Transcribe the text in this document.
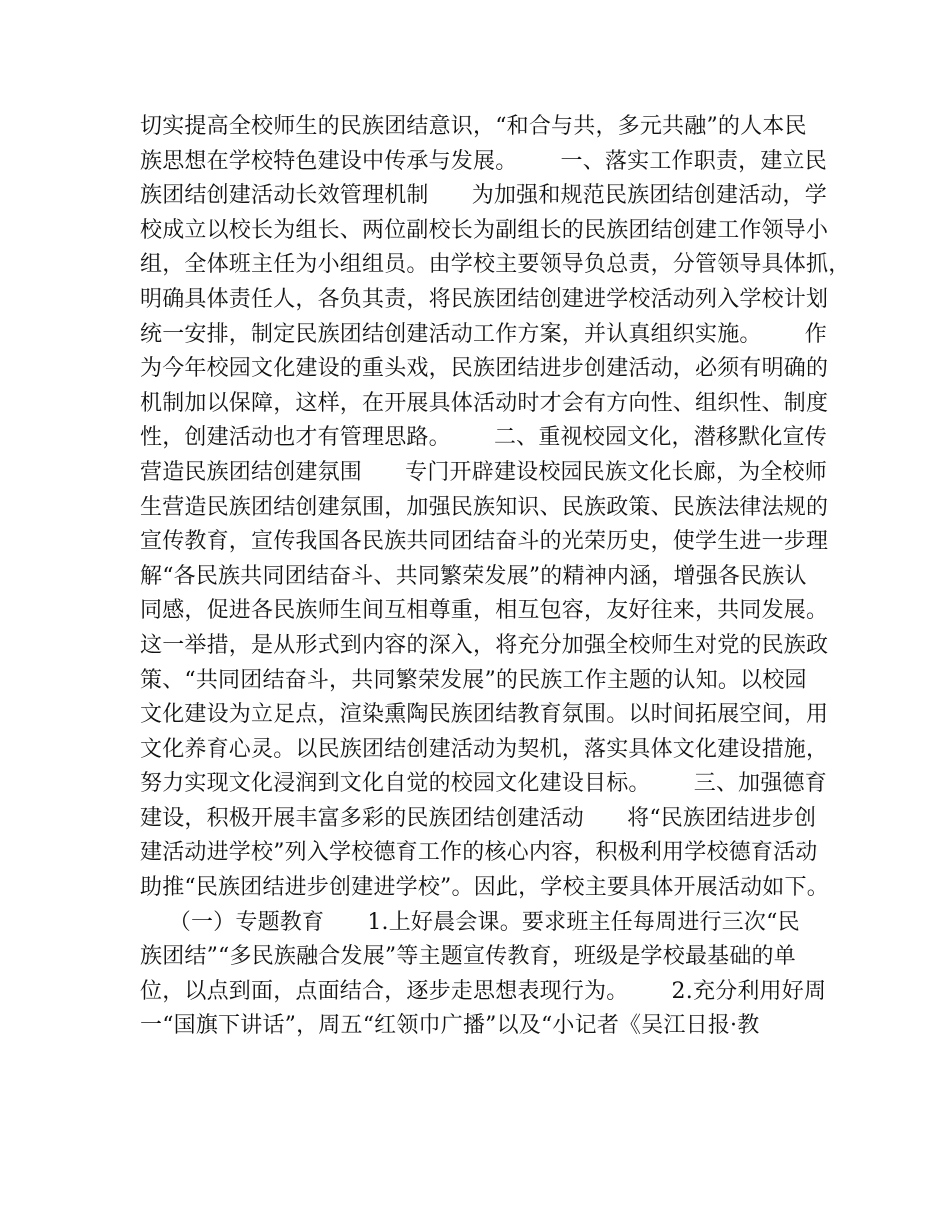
切实提高全校师生的民族团结意识，“和合与共，多元共融”的人本民
族思想在学校特色建设中传承与发展。      一、落实工作职责，建立民
族团结创建活动长效管理机制      为加强和规范民族团结创建活动，学
校成立以校长为组长、两位副校长为副组长的民族团结创建工作领导小
组，全体班主任为小组组员。由学校主要领导负总责，分管领导具体抓，
明确具体责任人，各负其责，将民族团结创建进学校活动列入学校计划
统一安排，制定民族团结创建活动工作方案，并认真组织实施。      作
为今年校园文化建设的重头戏，民族团结进步创建活动，必须有明确的
机制加以保障，这样，在开展具体活动时才会有方向性、组织性、制度
性，创建活动也才有管理思路。      二、重视校园文化，潜移默化宣传
营造民族团结创建氛围      专门开辟建设校园民族文化长廊，为全校师
生营造民族团结创建氛围，加强民族知识、民族政策、民族法律法规的
宣传教育，宣传我国各民族共同团结奋斗的光荣历史，使学生进一步理
解“各民族共同团结奋斗、共同繁荣发展”的精神内涵，增强各民族认
同感，促进各民族师生间互相尊重，相互包容，友好往来，共同发展。
这一举措，是从形式到内容的深入，将充分加强全校师生对党的民族政
策、“共同团结奋斗，共同繁荣发展”的民族工作主题的认知。以校园
文化建设为立足点，渲染熏陶民族团结教育氛围。以时间拓展空间，用
文化养育心灵。以民族团结创建活动为契机，落实具体文化建设措施，
努力实现文化浸润到文化自觉的校园文化建设目标。      三、加强德育
建设，积极开展丰富多彩的民族团结创建活动      将“民族团结进步创
建活动进学校”列入学校德育工作的核心内容，积极利用学校德育活动
助推“民族团结进步创建进学校”。因此，学校主要具体开展活动如下。
（一）专题教育      1.上好晨会课。要求班主任每周进行三次“民
族团结”“多民族融合发展”等主题宣传教育，班级是学校最基础的单
位，以点到面，点面结合，逐步走思想表现行为。      2.充分利用好周
一“国旗下讲话”，周五“红领巾广播”以及“小记者《吴江日报·教
